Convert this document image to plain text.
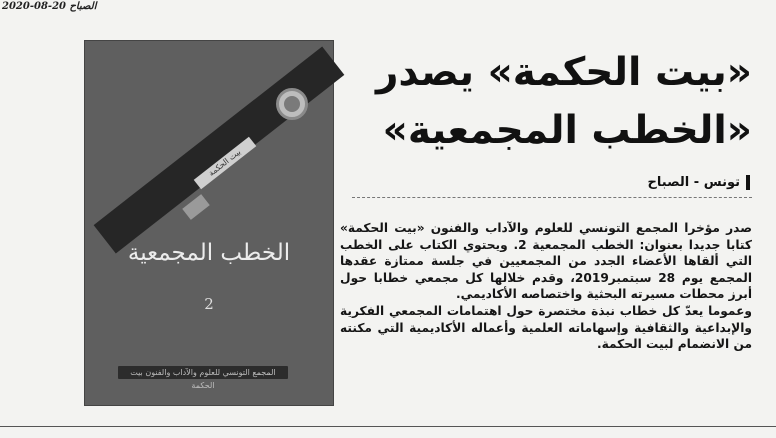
الصباح 20-08-2020
بيت الحكمة
الخطب المجمعية
2
المجمع التونسي للعلوم والآداب والفنون بيت الحكمة
«بيت الحكمة» يصدر «الخطب المجمعية»
تونس - الصباح

صدر مؤخرا المجمع التونسي للعلوم والآداب والفنون «بيت الحكمة» كتابا جديدا بعنوان: الخطب المجمعية 2. ويحتوي الكتاب على الخطب التي ألقاها الأعضاء الجدد من المجمعيين في جلسة ممتازة عقدها المجمع يوم 28 سبتمبر2019، وقدم خلالها كل مجمعي خطابا حول أبرز محطات مسيرته البحثية واختصاصه الأكاديمي.

وعموما يعدّ كل خطاب نبذة مختصرة حول اهتمامات المجمعي الفكرية والإبداعية والثقافية وإسهاماته العلمية وأعماله الأكاديمية التي مكنته من الانضمام لبيت الحكمة.
